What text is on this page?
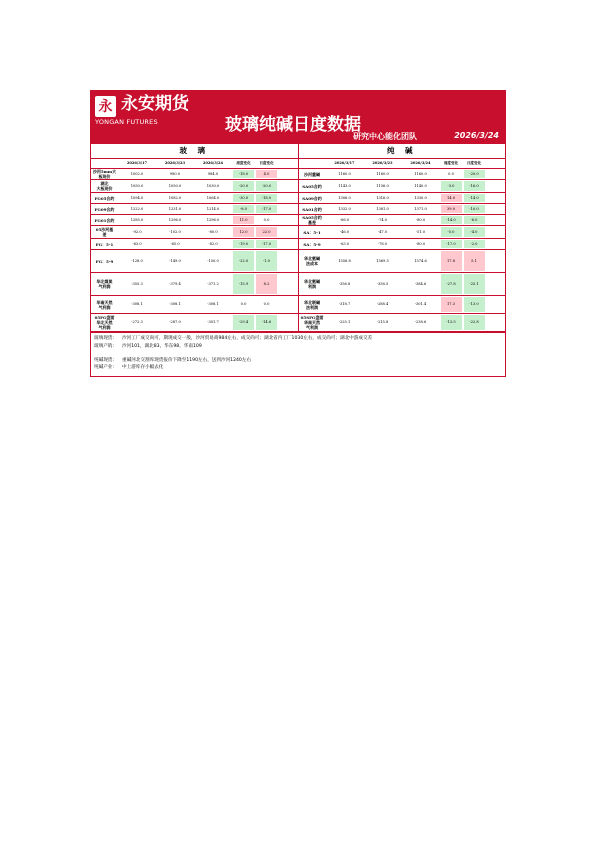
永 永安期货
YONGAN FUTURES	玻璃纯碱日度数据
研究中心能化团队	2026/3/24
玻 璃
2026/3/17	2026/3/23	2026/3/24	周度变化	日度变化
沙河5mm大
板现价
1002.0	980.0	984.0	-18.0	4.0
湖北
大板现价
1050.0	1050.0	1030.0	-20.0	-20.0
FG05合约	1094.0	1082.0	1064.0	-30.0	-18.0
FG09合约	1222.0	1231.0	1214.0	-8.0	-17.0
FG01合约	1285.0	1296.0	1296.0	11.0	0.0
05沙河基
差
-92.0	-102.0	-80.0	12.0	22.0
FG：5-1	-63.0	-65.0	-82.0	-19.0	-17.0
FG：5-9	-128.0	-149.0	-150.0	-22.0	-1.0
华北煤炭
气利润
-355.3	-379.4	-371.2	-15.9	8.2
华南天然
气利润
-308.1	-308.1	-308.1	0.0	0.0
05FG盘面
华北天然
气利润
-272.3	-287.0	-301.7	-29.4	-14.6
纯 碱
2026/3/17	2026/3/23	2026/3/24	周度变化	日度变化
沙河重碱	1160.0	1160.0	1160.0	0.0	-20.0
SA05合约	1143.0	1156.0	1140.0	-3.0	-16.0
SA09合约	1306.0	1316.0	1330.0	14.0	-14.0
SA01合约	1332.0	1381.0	1371.0	39.0	-10.0
SA05合约
基差
-66.0	-74.0	-80.0	-14.0	-6.0
SA：5-1	-46.0	-47.0	-51.0	-5.0	-4.0
SA：5-9	-63.0	-78.0	-80.0	-17.0	-2.0
华北氨碱
法成本
1556.8	1569.5	1574.6	17.8	5.1
华北氨碱
利润
-356.8	-358.5	-384.6	-27.8	-25.1
华北联碱
法利润
-318.7	-288.4	-301.4	17.3	-13.0
05SFG盘面
华南天然
气利润
-225.1	-215.8	-238.6	-13.5	-22.8
玻璃现货： 沙河工厂成交尚可，期现成交一般，沙河贸易商984左右，成交尚可；湖北省内工厂1030左右，成交尚可；湖北中游成交差
玻璃产销： 沙河101，湖北83，华东98，华南109
纯碱现货： 重碱河北交割库现货报价下降至1190左右，送到沙河1240左右
纯碱产业： 中上游库存小幅去化
